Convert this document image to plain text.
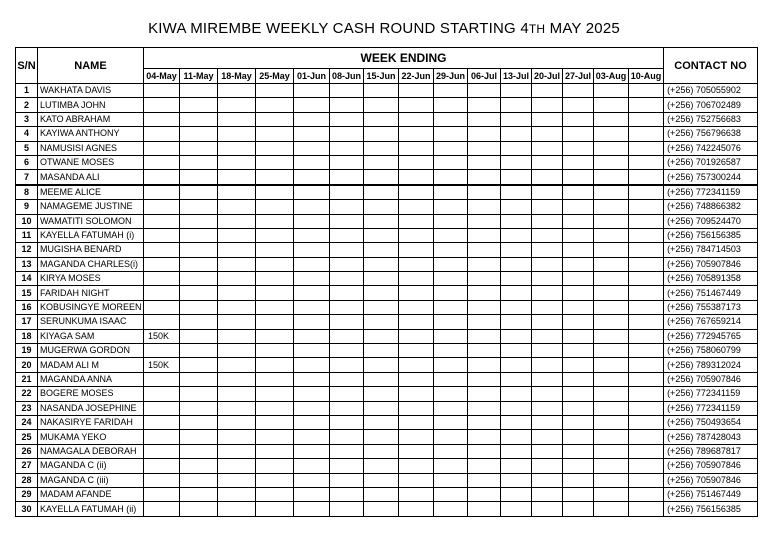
KIWA MIREMBE WEEKLY CASH ROUND STARTING 4TH MAY 2025
S/N	NAME	WEEK ENDING															CONTACT NO
		04-May	11-May	18-May	25-May	01-Jun	08-Jun	15-Jun	22-Jun	29-Jun	06-Jul	13-Jul	20-Jul	27-Jul	03-Aug	10-Aug	
1	WAKHATA DAVIS																(+256) 705055902
2	LUTIMBA JOHN																(+256) 706702489
3	KATO ABRAHAM																(+256) 752756683
4	KAYIWA ANTHONY																(+256) 756796638
5	NAMUSISI AGNES																(+256) 742245076
6	OTWANE MOSES																(+256) 701926587
7	MASANDA ALI																(+256) 757300244
8	MEEME ALICE																(+256) 772341159
9	NAMAGEME JUSTINE																(+256) 748866382
10	WAMATITI SOLOMON																(+256) 709524470
11	KAYELLA FATUMAH (i)																(+256) 756156385
12	MUGISHA BENARD																(+256) 784714503
13	MAGANDA CHARLES(i)																(+256) 705907846
14	KIRYA MOSES																(+256) 705891358
15	FARIDAH NIGHT																(+256) 751467449
16	KOBUSINGYE MOREEN																(+256) 755387173
17	SERUNKUMA ISAAC																(+256) 767659214
18	KIYAGA SAM	150K															(+256) 772945765
19	MUGERWA GORDON																(+256) 758060799
20	MADAM ALI M	150K															(+256) 789312024
21	MAGANDA ANNA																(+256) 705907846
22	BOGERE MOSES																(+256) 772341159
23	NASANDA JOSEPHINE																(+256) 772341159
24	NAKASIRYE FARIDAH																(+256) 750493654
25	MUKAMA YEKO																(+256) 787428043
26	NAMAGALA DEBORAH																(+256) 789687817
27	MAGANDA C (ii)																(+256) 705907846
28	MAGANDA C (iii)																(+256) 705907846
29	MADAM AFANDE																(+256) 751467449
30	KAYELLA FATUMAH (ii)																(+256) 756156385
